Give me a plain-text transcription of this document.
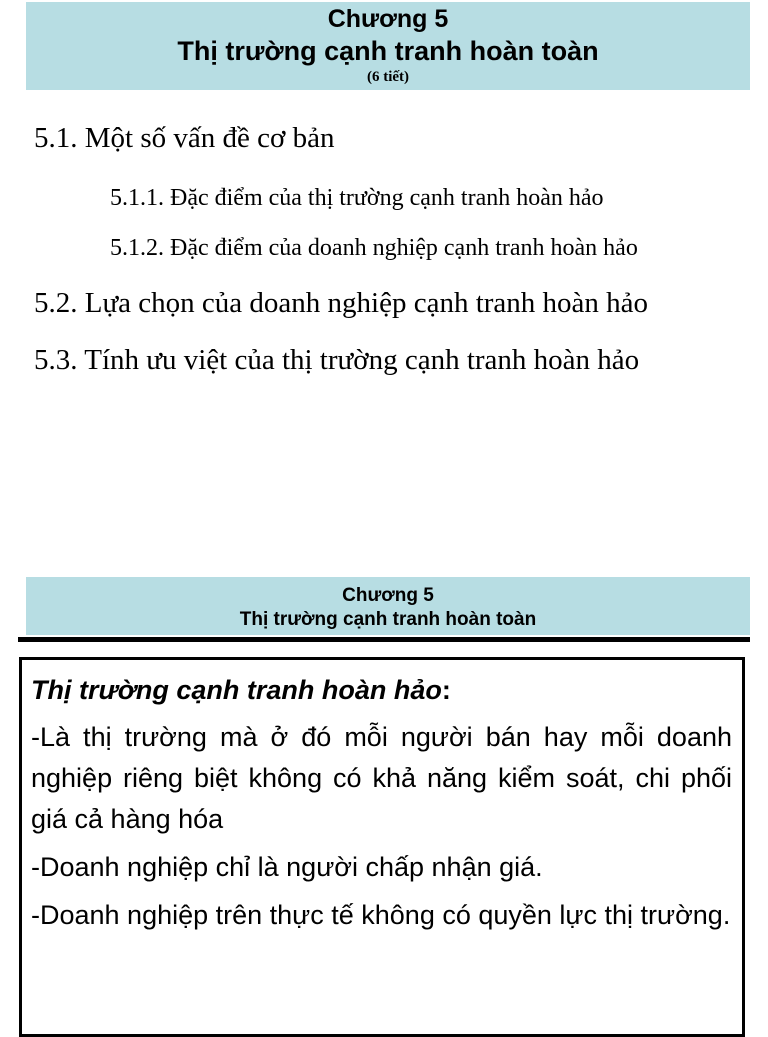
Chương 5
Thị trường cạnh tranh hoàn toàn
(6 tiết)
5.1. Một số vấn đề cơ bản
5.1.1. Đặc điểm của thị trường cạnh tranh hoàn hảo
5.1.2. Đặc điểm của doanh nghiệp cạnh tranh hoàn hảo
5.2. Lựa chọn của doanh nghiệp cạnh tranh hoàn hảo
5.3. Tính ưu việt của thị trường cạnh tranh hoàn hảo
Chương 5
Thị trường cạnh tranh hoàn toàn
Thị trường cạnh tranh hoàn hảo:

-Là thị trường mà ở đó mỗi người bán hay mỗi doanh nghiệp riêng biệt không có khả năng kiểm soát, chi phối giá cả hàng hóa

-Doanh nghiệp chỉ là người chấp nhận giá.

-Doanh nghiệp trên thực tế không có quyền lực thị trường.
